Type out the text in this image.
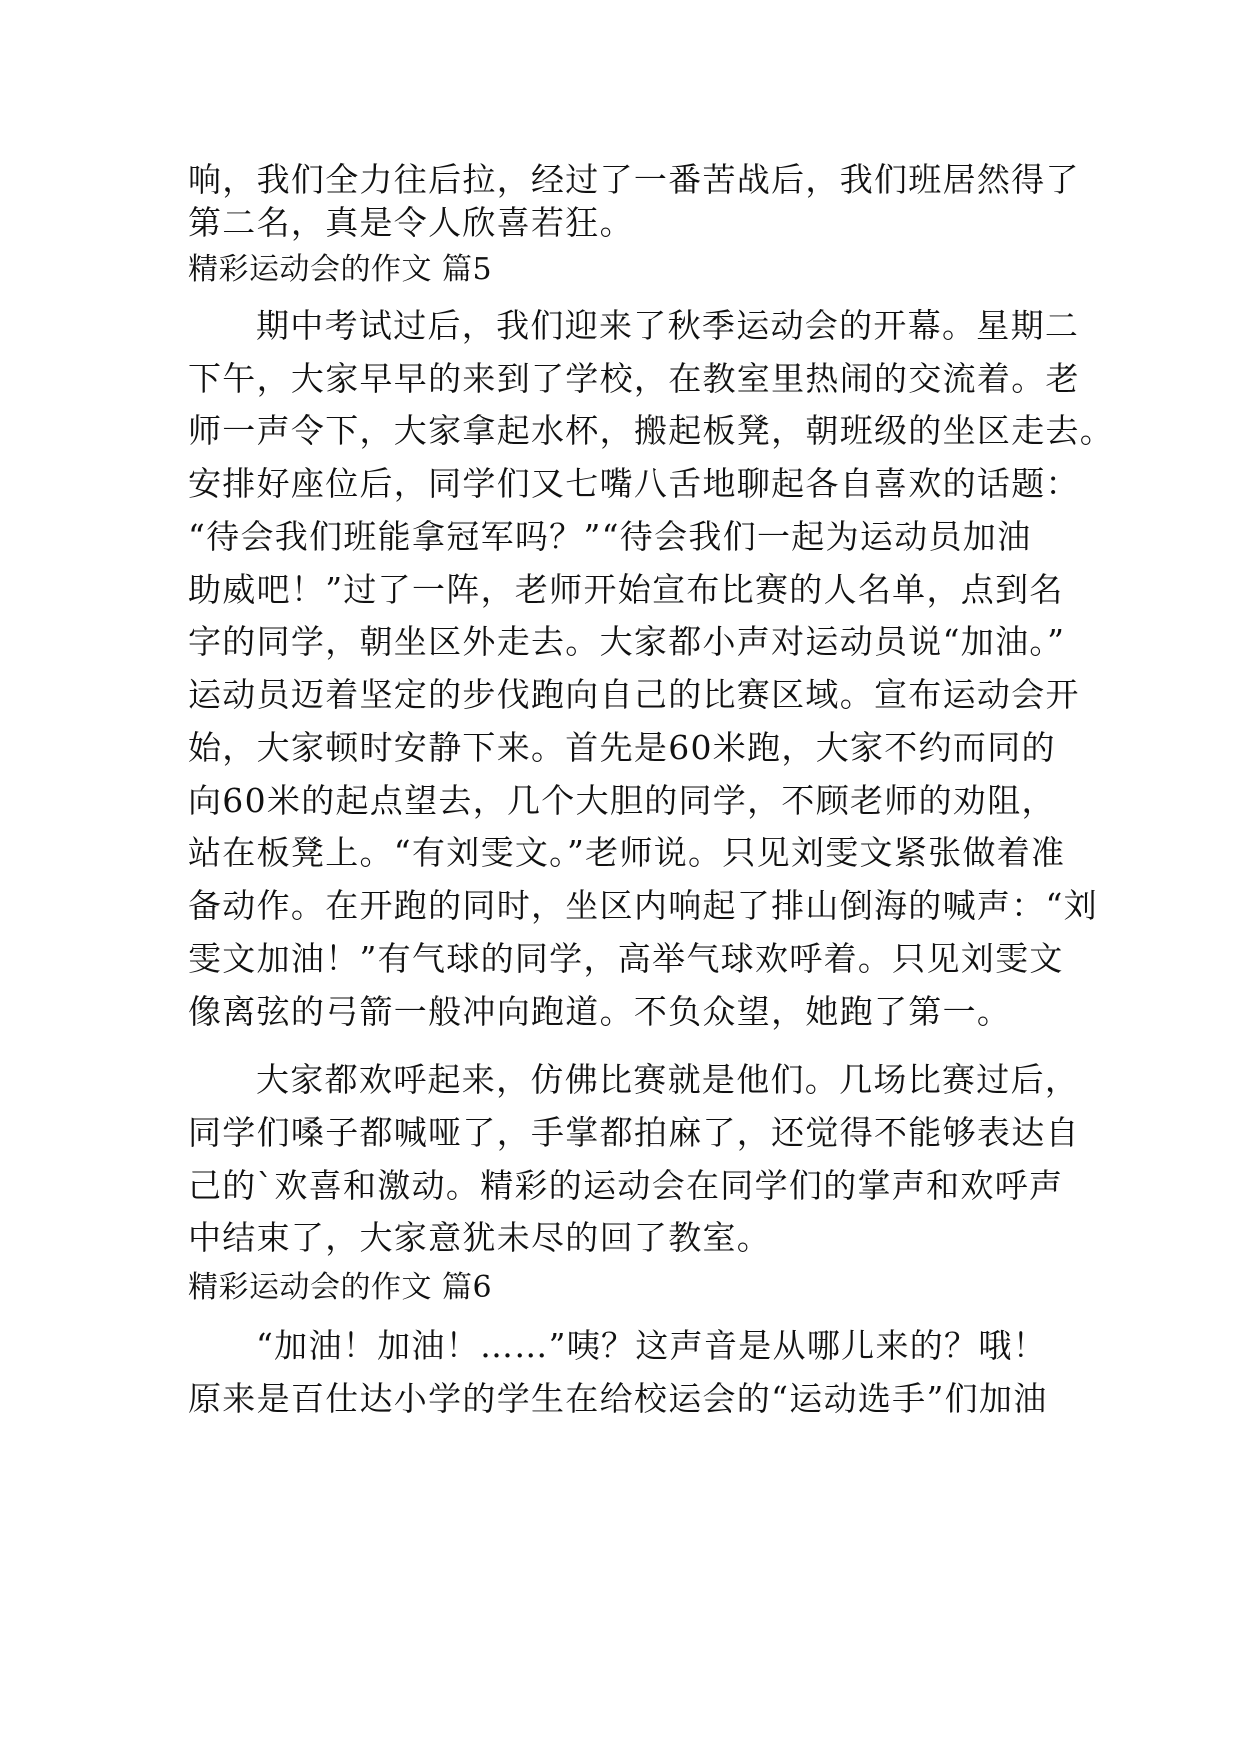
响，我们全力往后拉，经过了一番苦战后，我们班居然得了
第二名，真是令人欣喜若狂。
精彩运动会的作文 篇5
期中考试过后，我们迎来了秋季运动会的开幕。星期二
下午，大家早早的来到了学校，在教室里热闹的交流着。老
师一声令下，大家拿起水杯，搬起板凳，朝班级的坐区走去。
安排好座位后，同学们又七嘴八舌地聊起各自喜欢的话题：
“待会我们班能拿冠军吗？”“待会我们一起为运动员加油
助威吧！”过了一阵，老师开始宣布比赛的人名单，点到名
字的同学，朝坐区外走去。大家都小声对运动员说“加油。”
运动员迈着坚定的步伐跑向自己的比赛区域。宣布运动会开
始，大家顿时安静下来。首先是60米跑，大家不约而同的
向60米的起点望去，几个大胆的同学，不顾老师的劝阻，
站在板凳上。“有刘雯文。”老师说。只见刘雯文紧张做着准
备动作。在开跑的同时，坐区内响起了排山倒海的喊声：“刘
雯文加油！”有气球的同学，高举气球欢呼着。只见刘雯文
像离弦的弓箭一般冲向跑道。不负众望，她跑了第一。
大家都欢呼起来，仿佛比赛就是他们。几场比赛过后，
同学们嗓子都喊哑了，手掌都拍麻了，还觉得不能够表达自
己的`欢喜和激动。精彩的运动会在同学们的掌声和欢呼声
中结束了，大家意犹未尽的回了教室。
精彩运动会的作文 篇6
“加油！加油！……”咦？这声音是从哪儿来的？哦！
原来是百仕达小学的学生在给校运会的“运动选手”们加油
